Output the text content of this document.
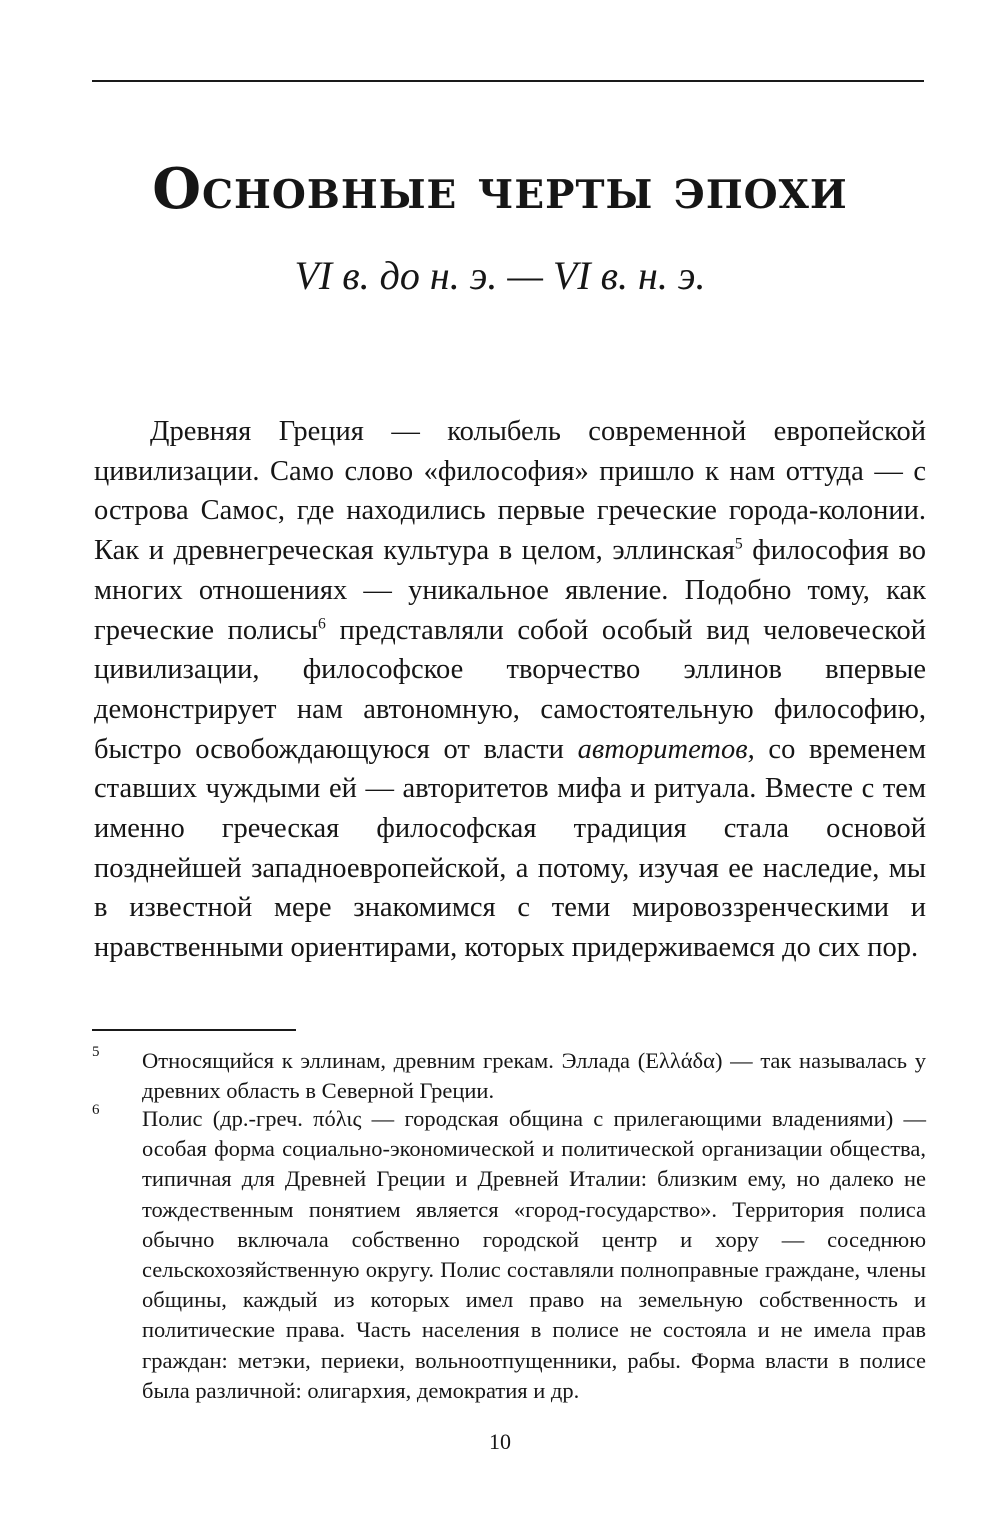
Основные черты эпохи

VI в. до н. э. — VI в. н. э.

Древняя Греция — колыбель современной европейской цивилизации. Само слово «философия» пришло к нам оттуда — с острова Самос, где находились первые греческие города-колонии. Как и древнегреческая культура в целом, эллинская$^5$ философия во многих отношениях — уникальное явление. Подобно тому, как греческие полисы$^6$ представляли собой особый вид человеческой цивилизации, философское творчество эллинов впервые демонстрирует нам автономную, самостоятельную философию, быстро освобождающуюся от власти авторитетов, со временем ставших чуждыми ей — авторитетов мифа и ритуала. Вместе с тем именно греческая философская традиция стала основой позднейшей западноевропейской, а потому, изучая ее наследие, мы в известной мере знакомимся с теми мировоззренческими и нравственными ориентирами, которых придерживаемся до сих пор.

5	Относящийся к эллинам, древним грекам. Эллада (Ελλάδα) — так называлась у древних область в Северной Греции.

6	Полис (др.-греч. πόλις — городская община с прилегающими владениями) — особая форма социально-экономической и политической организации общества, типичная для Древней Греции и Древней Италии: близким ему, но далеко не тождественным понятием является «город-государство». Территория полиса обычно включала собственно городской центр и хору — соседнюю сельскохозяйственную округу. Полис составляли полноправные граждане, члены общины, каждый из которых имел право на земельную собственность и политические права. Часть населения в полисе не состояла и не имела прав граждан: метэки, периеки, вольноотпущенники, рабы. Форма власти в полисе была различной: олигархия, демократия и др.

10
